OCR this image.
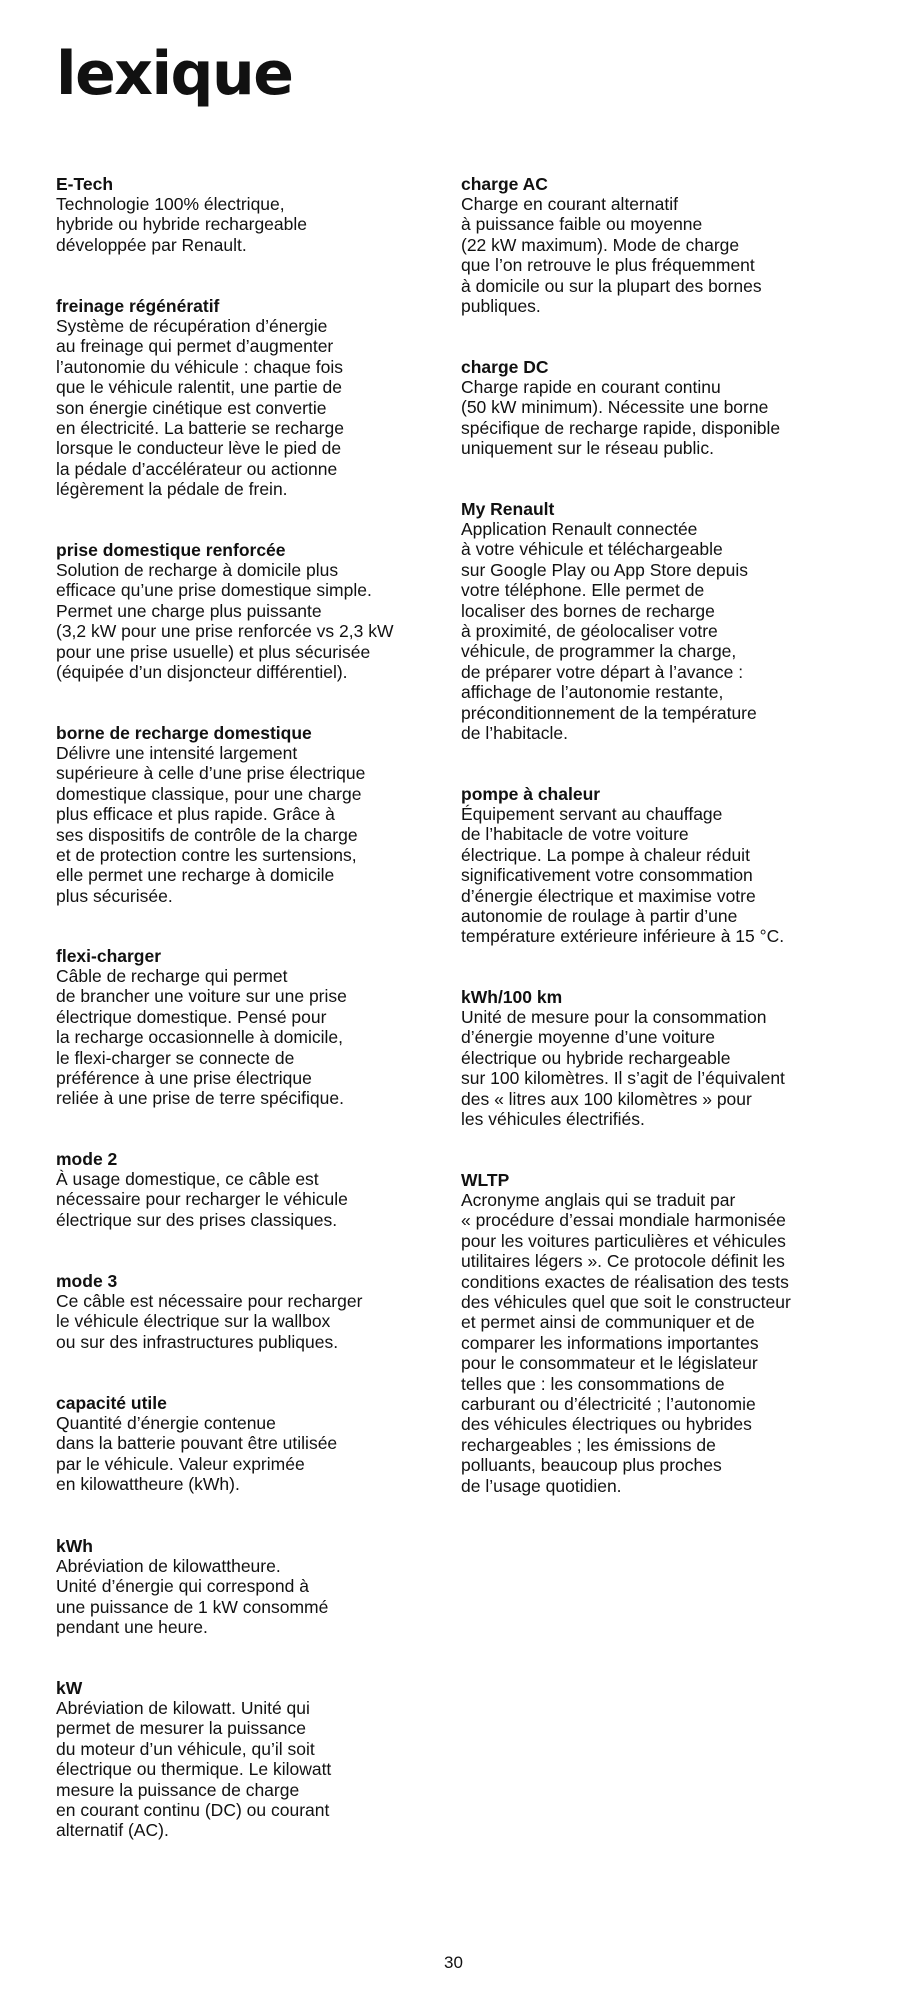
lexique

E-Tech

Technologie 100% électrique,
hybride ou hybride rechargeable
développée par Renault.

freinage régénératif

Système de récupération d’énergie
au freinage qui permet d’augmenter
l’autonomie du véhicule : chaque fois
que le véhicule ralentit, une partie de
son énergie cinétique est convertie
en électricité. La batterie se recharge
lorsque le conducteur lève le pied de
la pédale d’accélérateur ou actionne
légèrement la pédale de frein.

prise domestique renforcée

Solution de recharge à domicile plus
efficace qu’une prise domestique simple.
Permet une charge plus puissante
(3,2 kW pour une prise renforcée vs 2,3 kW
pour une prise usuelle) et plus sécurisée
(équipée d’un disjoncteur différentiel).

borne de recharge domestique

Délivre une intensité largement
supérieure à celle d’une prise électrique
domestique classique, pour une charge
plus efficace et plus rapide. Grâce à
ses dispositifs de contrôle de la charge
et de protection contre les surtensions,
elle permet une recharge à domicile
plus sécurisée.

flexi-charger

Câble de recharge qui permet
de brancher une voiture sur une prise
électrique domestique. Pensé pour
la recharge occasionnelle à domicile,
le flexi-charger se connecte de
préférence à une prise électrique
reliée à une prise de terre spécifique.

mode 2

À usage domestique, ce câble est
nécessaire pour recharger le véhicule
électrique sur des prises classiques.

mode 3

Ce câble est nécessaire pour recharger
le véhicule électrique sur la wallbox
ou sur des infrastructures publiques.

capacité utile

Quantité d’énergie contenue
dans la batterie pouvant être utilisée
par le véhicule. Valeur exprimée
en kilowattheure (kWh).

kWh

Abréviation de kilowattheure.
Unité d’énergie qui correspond à
une puissance de 1 kW consommé
pendant une heure.

kW

Abréviation de kilowatt. Unité qui
permet de mesurer la puissance
du moteur d’un véhicule, qu’il soit
électrique ou thermique. Le kilowatt
mesure la puissance de charge
en courant continu (DC) ou courant
alternatif (AC).

charge AC

Charge en courant alternatif
à puissance faible ou moyenne
(22 kW maximum). Mode de charge
que l’on retrouve le plus fréquemment
à domicile ou sur la plupart des bornes
publiques.

charge DC

Charge rapide en courant continu
(50 kW minimum). Nécessite une borne
spécifique de recharge rapide, disponible
uniquement sur le réseau public.

My Renault

Application Renault connectée
à votre véhicule et téléchargeable
sur Google Play ou App Store depuis
votre téléphone. Elle permet de
localiser des bornes de recharge
à proximité, de géolocaliser votre
véhicule, de programmer la charge,
de préparer votre départ à l’avance :
affichage de l’autonomie restante,
préconditionnement de la température
de l’habitacle.

pompe à chaleur

Équipement servant au chauffage
de l’habitacle de votre voiture
électrique. La pompe à chaleur réduit
significativement votre consommation
d’énergie électrique et maximise votre
autonomie de roulage à partir d’une
température extérieure inférieure à 15 °C.

kWh/100 km

Unité de mesure pour la consommation
d’énergie moyenne d’une voiture
électrique ou hybride rechargeable
sur 100 kilomètres. Il s’agit de l’équivalent
des « litres aux 100 kilomètres » pour
les véhicules électrifiés.

WLTP

Acronyme anglais qui se traduit par
« procédure d’essai mondiale harmonisée
pour les voitures particulières et véhicules
utilitaires légers ». Ce protocole définit les
conditions exactes de réalisation des tests
des véhicules quel que soit le constructeur
et permet ainsi de communiquer et de
comparer les informations importantes
pour le consommateur et le législateur
telles que : les consommations de
carburant ou d’électricité ; l’autonomie
des véhicules électriques ou hybrides
rechargeables ; les émissions de
polluants, beaucoup plus proches
de l’usage quotidien.

30
